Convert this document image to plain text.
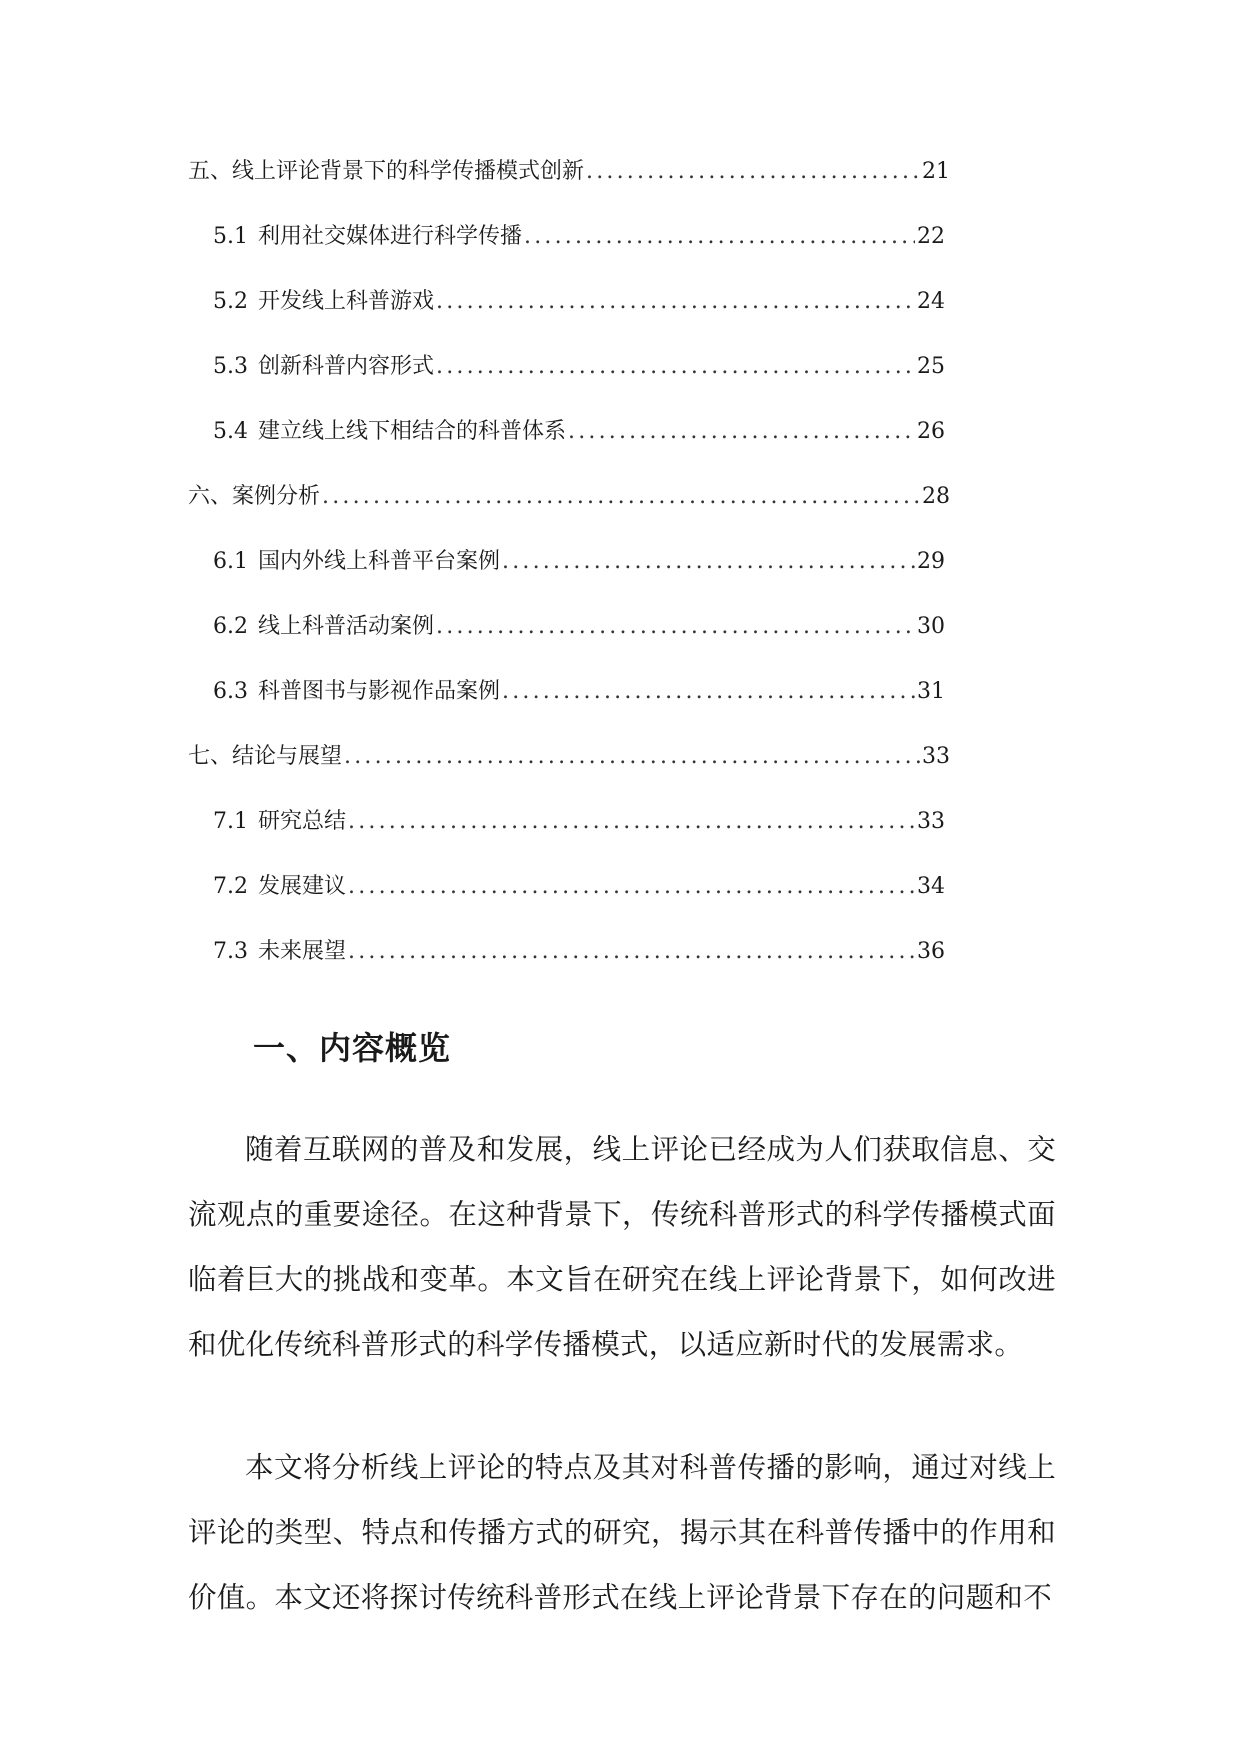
五、线上评论背景下的科学传播模式创新 .....	21
5.1 利用社交媒体进行科学传播 .....	22
5.2 开发线上科普游戏 .....	24
5.3 创新科普内容形式 .....	25
5.4 建立线上线下相结合的科普体系 .....	26
六、案例分析 .....	28
6.1 国内外线上科普平台案例 .....	29
6.2 线上科普活动案例 .....	30
6.3 科普图书与影视作品案例 .....	31
七、结论与展望 .....	33
7.1 研究总结 .....	33
7.2 发展建议 .....	34
7.3 未来展望 .....	36
一、内容概览

随着互联网的普及和发展，线上评论已经成为人们获取信息、交流观点的重要途径。在这种背景下，传统科普形式的科学传播模式面临着巨大的挑战和变革。本文旨在研究在线上评论背景下，如何改进和优化传统科普形式的科学传播模式，以适应新时代的发展需求。

本文将分析线上评论的特点及其对科普传播的影响，通过对线上评论的类型、特点和传播方式的研究，揭示其在科普传播中的作用和价值。本文还将探讨传统科普形式在线上评论背景下存在的问题和不
